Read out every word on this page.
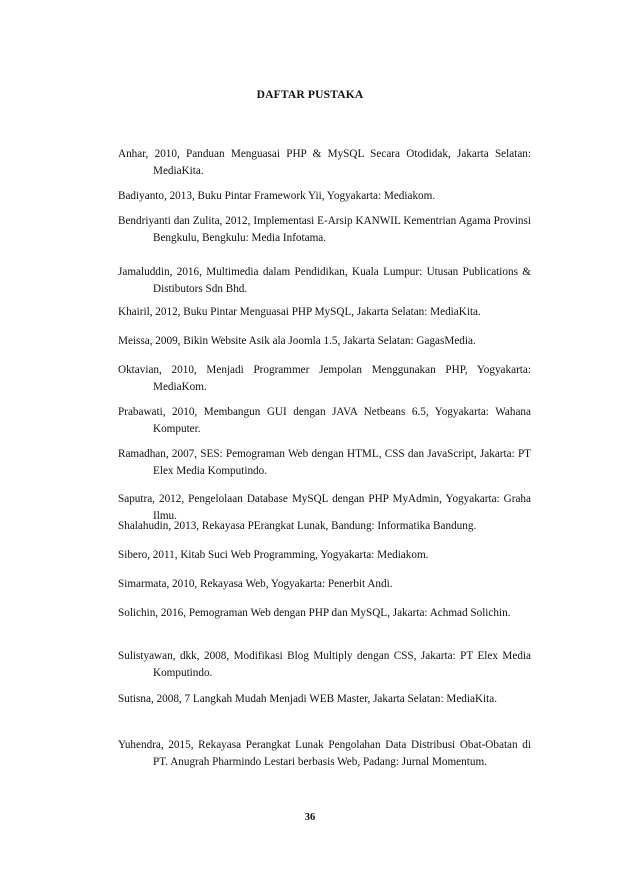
DAFTAR PUSTAKA
Anhar, 2010, Panduan Menguasai PHP & MySQL Secara Otodidak, Jakarta Selatan: MediaKita.
Badiyanto, 2013, Buku Pintar Framework Yii, Yogyakarta: Mediakom.
Bendriyanti dan Zulita, 2012, Implementasi E-Arsip KANWIL Kementrian Agama Provinsi Bengkulu, Bengkulu: Media Infotama.
Jamaluddin, 2016, Multimedia dalam Pendidikan, Kuala Lumpur: Utusan Publications & Distibutors Sdn Bhd.
Khairil, 2012, Buku Pintar Menguasai PHP MySQL, Jakarta Selatan: MediaKita.
Meissa, 2009, Bikin Website Asik ala Joomla 1.5, Jakarta Selatan: GagasMedia.
Oktavian, 2010, Menjadi Programmer Jempolan Menggunakan PHP, Yogyakarta: MediaKom.
Prabawati, 2010, Membangun GUI dengan JAVA Netbeans 6.5, Yogyakarta: Wahana Komputer.
Ramadhan, 2007, SES: Pemograman Web dengan HTML, CSS dan JavaScript, Jakarta: PT Elex Media Komputindo.
Saputra, 2012, Pengelolaan Database MySQL dengan PHP MyAdmin, Yogyakarta: Graha Ilmu.
Shalahudin, 2013, Rekayasa PErangkat Lunak, Bandung: Informatika Bandung.
Sibero, 2011, Kitab Suci Web Programming, Yogyakarta: Mediakom.
Simarmata, 2010, Rekayasa Web, Yogyakarta: Penerbit Andi.
Solichin, 2016, Pemograman Web dengan PHP dan MySQL, Jakarta: Achmad Solichin.
Sulistyawan, dkk, 2008, Modifikasi Blog Multiply dengan CSS, Jakarta: PT Elex Media Komputindo.
Sutisna, 2008, 7 Langkah Mudah Menjadi WEB Master, Jakarta Selatan: MediaKita.
Yuhendra, 2015, Rekayasa Perangkat Lunak Pengolahan Data Distribusi Obat-Obatan di PT. Anugrah Pharmindo Lestari berbasis Web, Padang: Jurnal Momentum.
36
